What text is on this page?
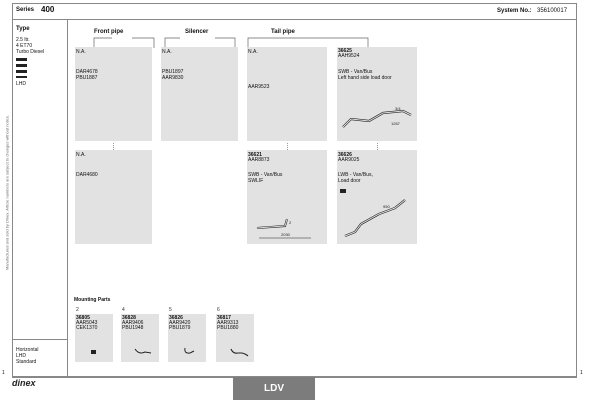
Series 400	System No.: 356100017
Type
2.5 ltr.
4 ET70
Turbo Diesel
LHD
Horizontal
LHD
Standard
Manufactured and sold by Dinex. Article numbers are subject to changes without notice.
Front pipe	Silencer	Tail pipe
N.A.
DAR4678
PBU1887
N.A.
PBU1897
AAR9830
N.A.
AAR9523
36625
AAH9524
SWB - Van/Bus
Left hand side load door
1267
3/4
N.A.
DAR4680
36621
AAR8873
SWB - Van/Bus
SWLIF
2030
2
36626
AAR9025
LWB - Van/Bus,
Load door
950
Mounting Parts
2
36805
AAR5043
CEK1370
4
36828
AAR9406
PBU1948
5
36826
AAR9420
PBU1879
6
36817
AAR9313
PBU1880
dinex	LDV
1	1
